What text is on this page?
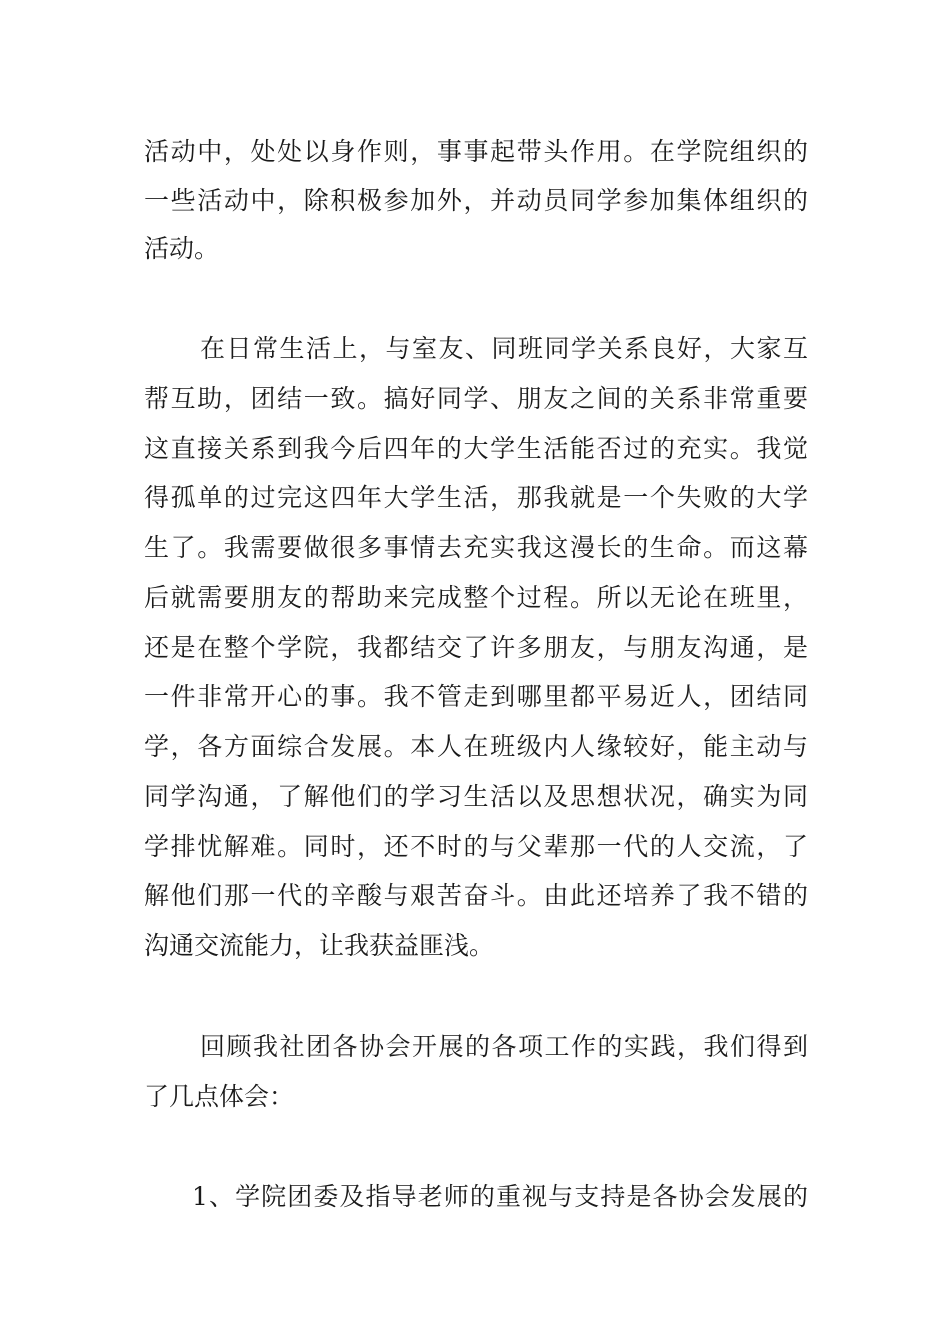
活动中，处处以身作则，事事起带头作用。在学院组织的
一些活动中，除积极参加外，并动员同学参加集体组织的
活动。
在日常生活上，与室友、同班同学关系良好，大家互
帮互助，团结一致。搞好同学、朋友之间的关系非常重要
这直接关系到我今后四年的大学生活能否过的充实。我觉
得孤单的过完这四年大学生活，那我就是一个失败的大学
生了。我需要做很多事情去充实我这漫长的生命。而这幕
后就需要朋友的帮助来完成整个过程。所以无论在班里，
还是在整个学院，我都结交了许多朋友，与朋友沟通，是
一件非常开心的事。我不管走到哪里都平易近人，团结同
学，各方面综合发展。本人在班级内人缘较好，能主动与
同学沟通，了解他们的学习生活以及思想状况，确实为同
学排忧解难。同时，还不时的与父辈那一代的人交流，了
解他们那一代的辛酸与艰苦奋斗。由此还培养了我不错的
沟通交流能力，让我获益匪浅。
回顾我社团各协会开展的各项工作的实践，我们得到
了几点体会：
1、学院团委及指导老师的重视与支持是各协会发展的
